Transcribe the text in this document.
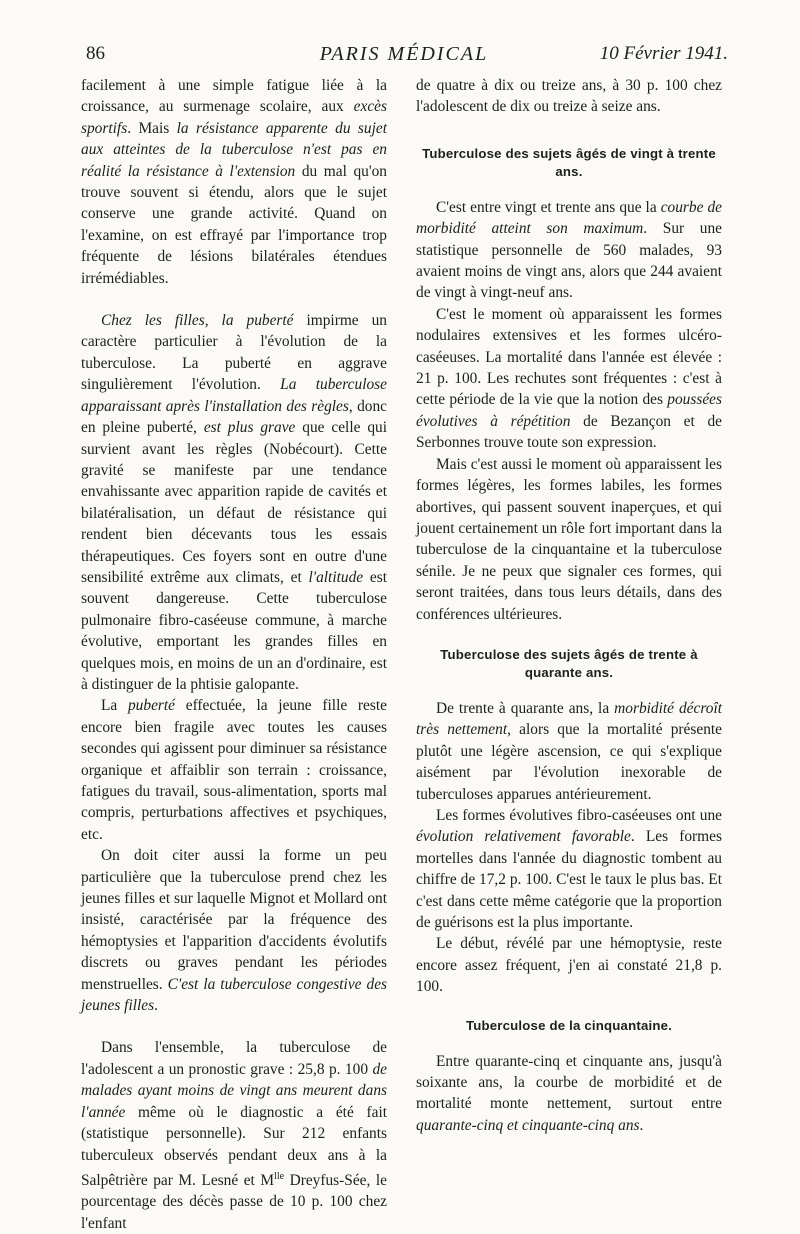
86	PARIS MÉDICAL	10 Février 1941.

facilement à une simple fatigue liée à la croissance, au surmenage scolaire, aux excès sportifs. Mais la résistance apparente du sujet aux atteintes de la tuberculose n'est pas en réalité la résistance à l'extension du mal qu'on trouve souvent si étendu, alors que le sujet conserve une grande activité. Quand on l'examine, on est effrayé par l'importance trop fréquente de lésions bilatérales étendues irrémédiables.

Chez les filles, la puberté impirme un caractère particulier à l'évolution de la tuberculose. La puberté en aggrave singulièrement l'évolution. La tuberculose apparaissant après l'installation des règles, donc en pleine puberté, est plus grave que celle qui survient avant les règles (Nobécourt). Cette gravité se manifeste par une tendance envahissante avec apparition rapide de cavités et bilatéralisation, un défaut de résistance qui rendent bien décevants tous les essais thérapeutiques. Ces foyers sont en outre d'une sensibilité extrême aux climats, et l'altitude est souvent dangereuse. Cette tuberculose pulmonaire fibro-caséeuse commune, à marche évolutive, emportant les grandes filles en quelques mois, en moins de un an d'ordinaire, est à distinguer de la phtisie galopante.

La puberté effectuée, la jeune fille reste encore bien fragile avec toutes les causes secondes qui agissent pour diminuer sa résistance organique et affaiblir son terrain : croissance, fatigues du travail, sous-alimentation, sports mal compris, perturbations affectives et psychiques, etc.

On doit citer aussi la forme un peu particulière que la tuberculose prend chez les jeunes filles et sur laquelle Mignot et Mollard ont insisté, caractérisée par la fréquence des hémoptysies et l'apparition d'accidents évolutifs discrets ou graves pendant les périodes menstruelles. C'est la tuberculose congestive des jeunes filles.

Dans l'ensemble, la tuberculose de l'adolescent a un pronostic grave : 25,8 p. 100 de malades ayant moins de vingt ans meurent dans l'année même où le diagnostic a été fait (statistique personnelle). Sur 212 enfants tuberculeux observés pendant deux ans à la Salpêtrière par M. Lesné et $M^{lle}$ Dreyfus-Sée, le pourcentage des décès passe de 10 p. 100 chez l'enfant

de quatre à dix ou treize ans, à 30 p. 100 chez l'adolescent de dix ou treize à seize ans.

Tuberculose des sujets âgés de vingt à trente ans.

C'est entre vingt et trente ans que la courbe de morbidité atteint son maximum. Sur une statistique personnelle de 560 malades, 93 avaient moins de vingt ans, alors que 244 avaient de vingt à vingt-neuf ans.

C'est le moment où apparaissent les formes nodulaires extensives et les formes ulcéro-caséeuses. La mortalité dans l'année est élevée : 21 p. 100. Les rechutes sont fréquentes : c'est à cette période de la vie que la notion des poussées évolutives à répétition de Bezançon et de Serbonnes trouve toute son expression.

Mais c'est aussi le moment où apparaissent les formes légères, les formes labiles, les formes abortives, qui passent souvent inaperçues, et qui jouent certainement un rôle fort important dans la tuberculose de la cinquantaine et la tuberculose sénile. Je ne peux que signaler ces formes, qui seront traitées, dans tous leurs détails, dans des conférences ultérieures.

Tuberculose des sujets âgés de trente à quarante ans.

De trente à quarante ans, la morbidité décroît très nettement, alors que la mortalité présente plutôt une légère ascension, ce qui s'explique aisément par l'évolution inexorable de tuberculoses apparues antérieurement.

Les formes évolutives fibro-caséeuses ont une évolution relativement favorable. Les formes mortelles dans l'année du diagnostic tombent au chiffre de 17,2 p. 100. C'est le taux le plus bas. Et c'est dans cette même catégorie que la proportion de guérisons est la plus importante.

Le début, révélé par une hémoptysie, reste encore assez fréquent, j'en ai constaté 21,8 p. 100.

Tuberculose de la cinquantaine.

Entre quarante-cinq et cinquante ans, jusqu'à soixante ans, la courbe de morbidité et de mortalité monte nettement, surtout entre quarante-cinq et cinquante-cinq ans.
